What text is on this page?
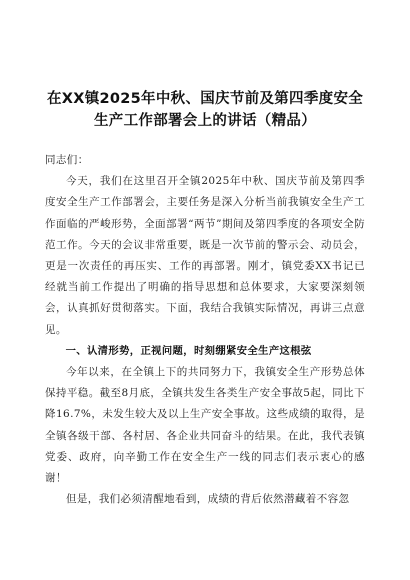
在XX镇2025年中秋、国庆节前及第四季度安全生产工作部署会上的讲话（精品）

同志们：

今天，我们在这里召开全镇2025年中秋、国庆节前及第四季度安全生产工作部署会，主要任务是深入分析当前我镇安全生产工作面临的严峻形势，全面部署“两节”期间及第四季度的各项安全防范工作。今天的会议非常重要，既是一次节前的警示会、动员会，更是一次责任的再压实、工作的再部署。刚才，镇党委XX书记已经就当前工作提出了明确的指导思想和总体要求，大家要深刻领会，认真抓好贯彻落实。下面，我结合我镇实际情况，再讲三点意见。

一、认清形势，正视问题，时刻绷紧安全生产这根弦

今年以来，在全镇上下的共同努力下，我镇安全生产形势总体保持平稳。截至8月底，全镇共发生各类生产安全事故5起，同比下降16.7%，未发生较大及以上生产安全事故。这些成绩的取得，是全镇各级干部、各村居、各企业共同奋斗的结果。在此，我代表镇党委、政府，向辛勤工作在安全生产一线的同志们表示衷心的感谢！

但是，我们必须清醒地看到，成绩的背后依然潜藏着不容忽
